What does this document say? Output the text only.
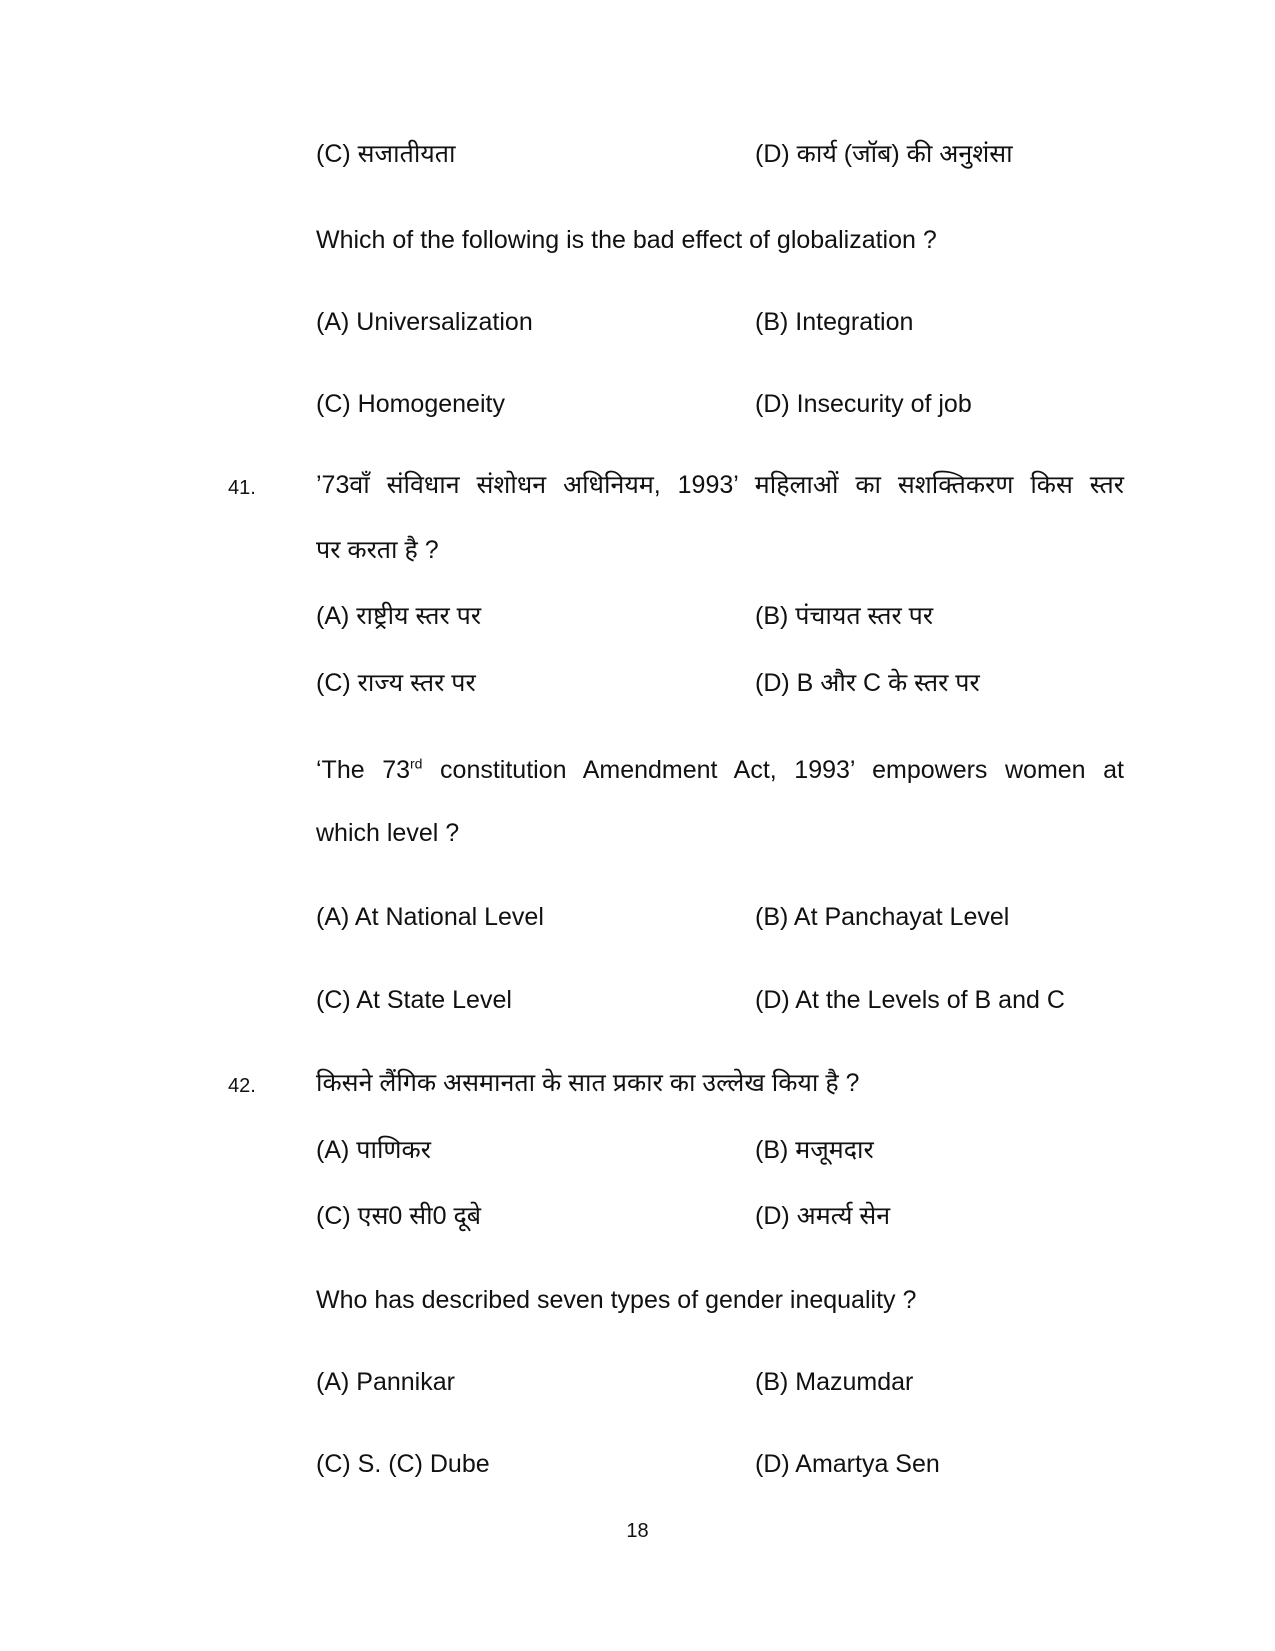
(C) सजातीयता	(D) कार्य (जॉब) की अनुशंसा
Which of the following is the bad effect of globalization ?
(A) Universalization	(B) Integration
(C) Homogeneity	(D) Insecurity of job
41. ’73वाँ संविधान संशोधन अधिनियम, 1993’ महिलाओं का सशक्तिकरण किस स्तर
पर करता है ?
(A) राष्ट्रीय स्तर पर	(B) पंचायत स्तर पर
(C) राज्य स्तर पर	(D) B और C के स्तर पर
‘The 73rd constitution Amendment Act, 1993’ empowers women at
which level ?
(A) At National Level	(B) At Panchayat Level
(C) At State Level	(D) At the Levels of B and C
42. किसने लैंगिक असमानता के सात प्रकार का उल्लेख किया है ?
(A) पाणिकर	(B) मजूमदार
(C) एस0 सी0 दूबे	(D) अमर्त्य सेन
Who has described seven types of gender inequality ?
(A) Pannikar	(B) Mazumdar
(C) S. (C) Dube	(D) Amartya Sen
18
